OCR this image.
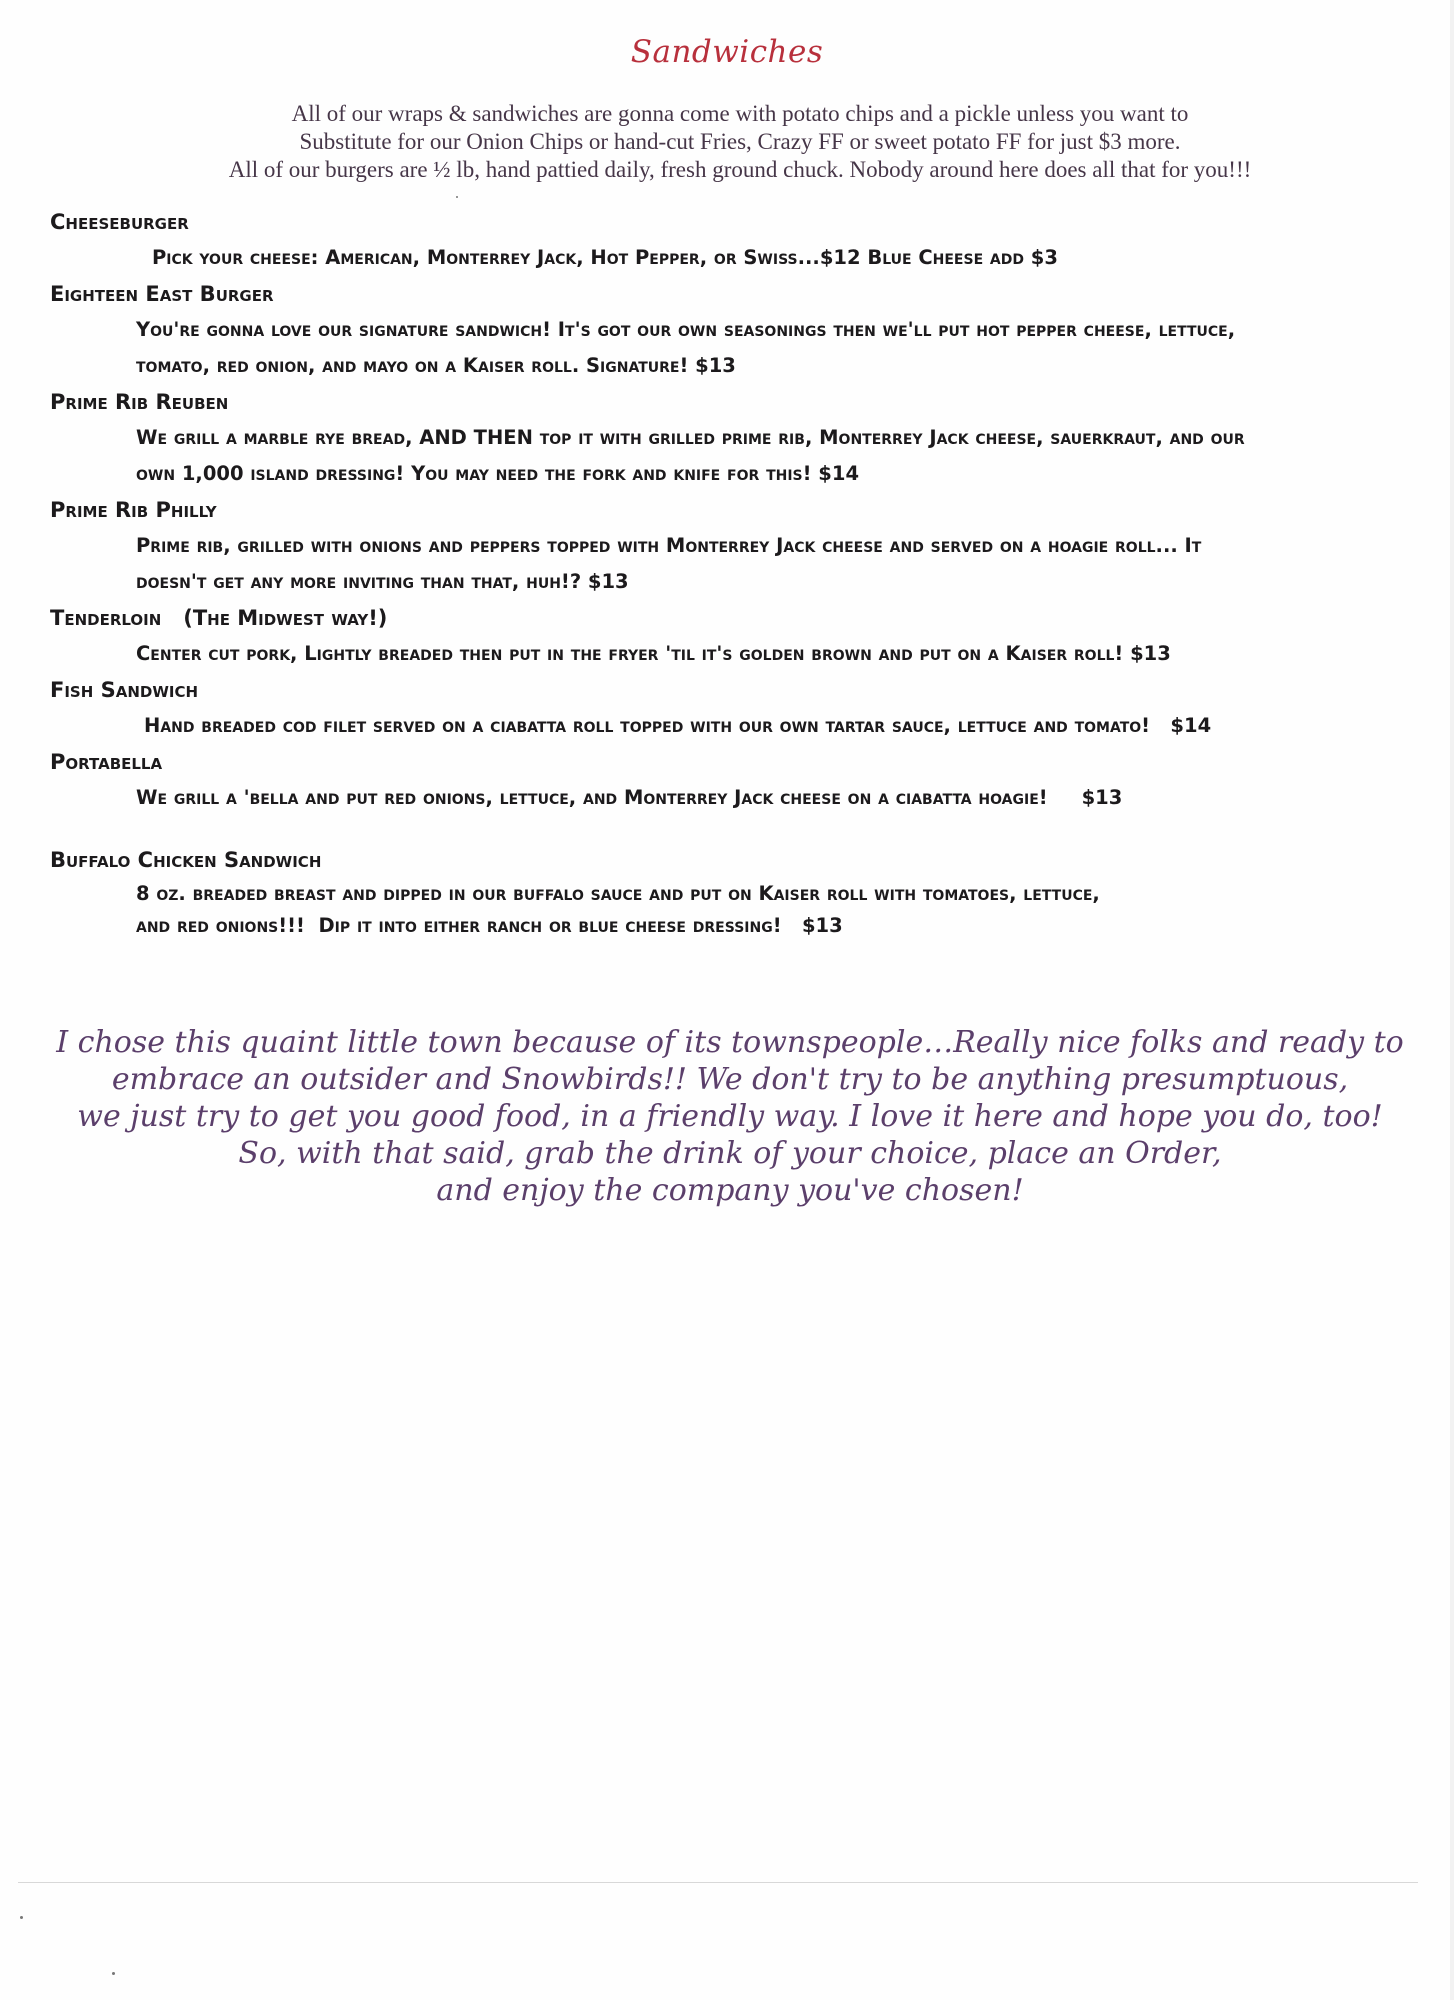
Sandwiches
All of our wraps & sandwiches are gonna come with potato chips and a pickle unless you want to
Substitute for our Onion Chips or hand-cut Fries, Crazy FF or sweet potato FF for just $3 more.
All of our burgers are ½ lb, hand pattied daily, fresh ground chuck. Nobody around here does all that for you!!!
Cheeseburger
Pick your cheese: American, Monterrey Jack, Hot Pepper, or Swiss...$12 Blue Cheese add $3
Eighteen East Burger
You're gonna love our signature sandwich! It's got our own seasonings then we'll put hot pepper cheese, lettuce,
tomato, red onion, and mayo on a Kaiser roll. Signature! $13
Prime Rib Reuben
We grill a marble rye bread, AND THEN top it with grilled prime rib, Monterrey Jack cheese, sauerkraut, and our
own 1,000 island dressing! You may need the fork and knife for this! $14
Prime Rib Philly
Prime rib, grilled with onions and peppers topped with Monterrey Jack cheese and served on a hoagie roll... It
doesn't get any more inviting than that, huh!? $13
Tenderloin   (The Midwest way!)
Center cut pork, Lightly breaded then put in the fryer 'til it's golden brown and put on a Kaiser roll! $13
Fish Sandwich
Hand breaded cod filet served on a ciabatta roll topped with our own tartar sauce, lettuce and tomato!   $14
Portabella
We grill a 'bella and put red onions, lettuce, and Monterrey Jack cheese on a ciabatta hoagie!     $13
Buffalo Chicken Sandwich
8 oz. breaded breast and dipped in our buffalo sauce and put on Kaiser roll with tomatoes, lettuce,
and red onions!!!  Dip it into either ranch or blue cheese dressing!   $13
I chose this quaint little town because of its townspeople…Really nice folks and ready to
embrace an outsider and Snowbirds!! We don't try to be anything presumptuous,
we just try to get you good food, in a friendly way. I love it here and hope you do, too!
So, with that said, grab the drink of your choice, place an Order,
and enjoy the company you've chosen!
